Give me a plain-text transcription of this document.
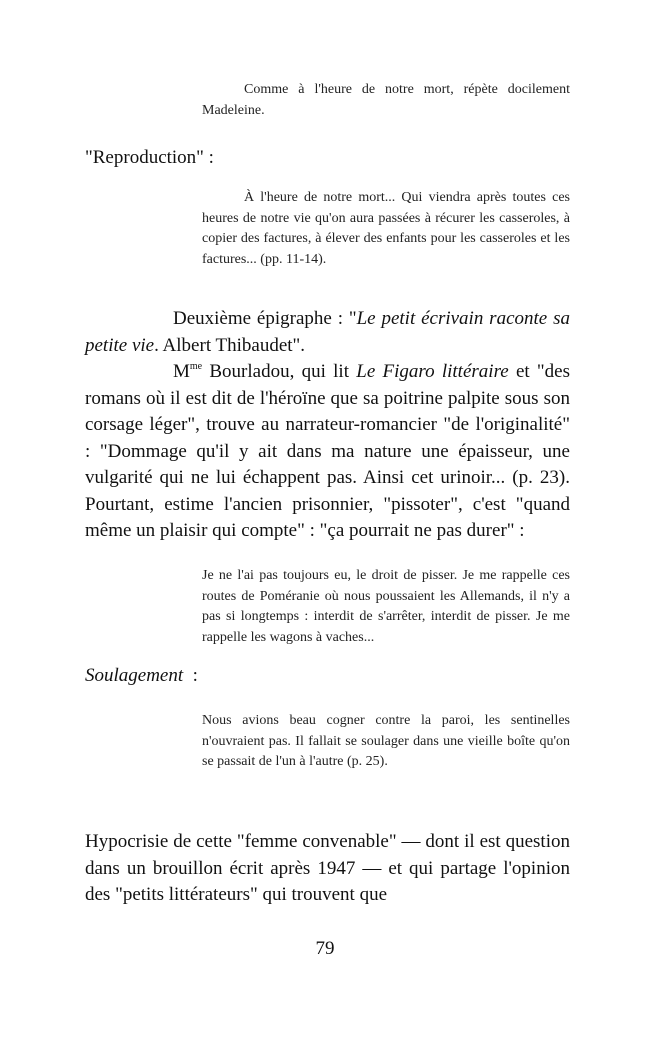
Comme à l'heure de notre mort, répète docilement Madeleine.
"Reproduction" :
À l'heure de notre mort... Qui viendra après toutes ces heures de notre vie qu'on aura passées à récurer les casseroles, à copier des factures, à élever des enfants pour les casseroles et les factures... (pp. 11-14).
Deuxième épigraphe : "Le petit écrivain raconte sa petite vie. Albert Thibaudet".
$M^{me}$ Bourladou, qui lit Le Figaro littéraire et "des romans où il est dit de l'héroïne que sa poitrine palpite sous son corsage léger", trouve au narrateur-romancier "de l'originalité" : "Dommage qu'il y ait dans ma nature une épaisseur, une vulgarité qui ne lui échappent pas. Ainsi cet urinoir... (p. 23). Pourtant, estime l'ancien prisonnier, "pissoter", c'est "quand même un plaisir qui compte" : "ça pourrait ne pas durer" :
Je ne l'ai pas toujours eu, le droit de pisser. Je me rappelle ces routes de Poméranie où nous poussaient les Allemands, il n'y a pas si longtemps : interdit de s'arrêter, interdit de pisser. Je me rappelle les wagons à vaches...
Soulagement  :
Nous avions beau cogner contre la paroi, les sentinelles n'ouvraient pas. Il fallait se soulager dans une vieille boîte qu'on se passait de l'un à l'autre (p. 25).
Hypocrisie de cette "femme convenable" — dont il est question dans un brouillon écrit après 1947 — et qui partage l'opinion des "petits littérateurs" qui trouvent que
79
